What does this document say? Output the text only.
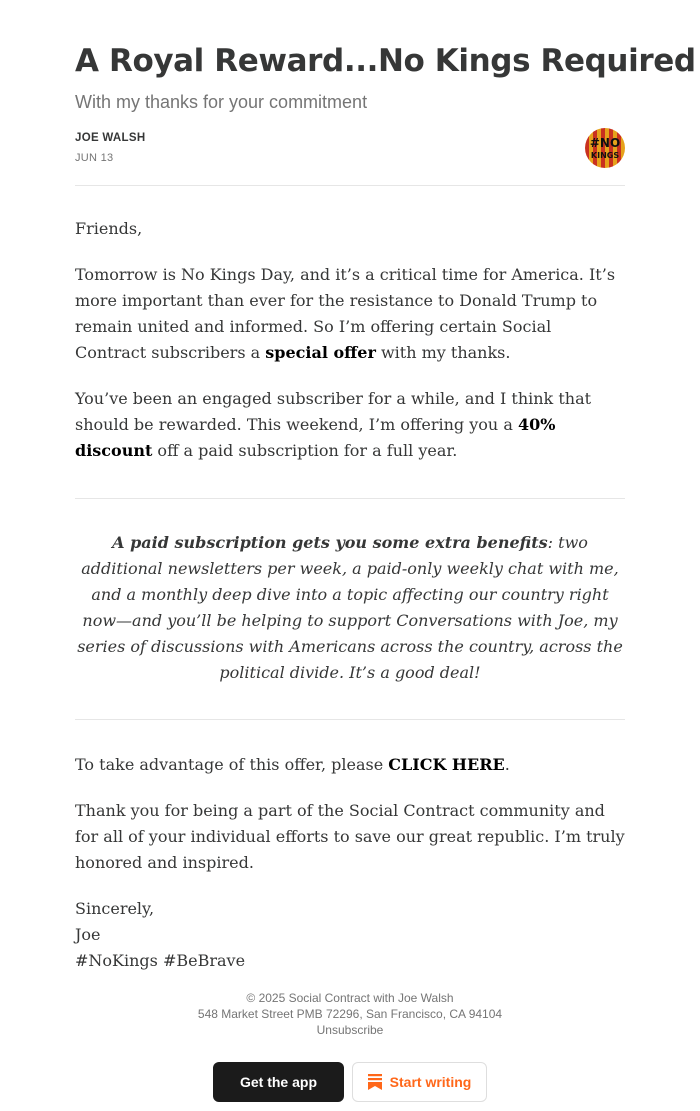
A Royal Reward...No Kings Required
With my thanks for your commitment
JOE WALSH
JUN 13
#NO
KINGS

Friends,

Tomorrow is No Kings Day, and it’s a critical time for America. It’s more important than ever for the resistance to Donald Trump to remain united and informed. So I’m offering certain Social Contract subscribers a special offer with my thanks.

You’ve been an engaged subscriber for a while, and I think that should be rewarded. This weekend, I’m offering you a 40% discount off a paid subscription for a full year.

A paid subscription gets you some extra benefits: two additional newsletters per week, a paid-only weekly chat with me, and a monthly deep dive into a topic affecting our country right now—and you’ll be helping to support Conversations with Joe, my series of discussions with Americans across the country, across the political divide. It’s a good deal!

To take advantage of this offer, please CLICK HERE.

Thank you for being a part of the Social Contract community and for all of your individual efforts to save our great republic. I’m truly honored and inspired.

Sincerely,
Joe
#NoKings #BeBrave

© 2025 Social Contract with Joe Walsh
548 Market Street PMB 72296, San Francisco, CA 94104
Unsubscribe
Get the app	Start writing
